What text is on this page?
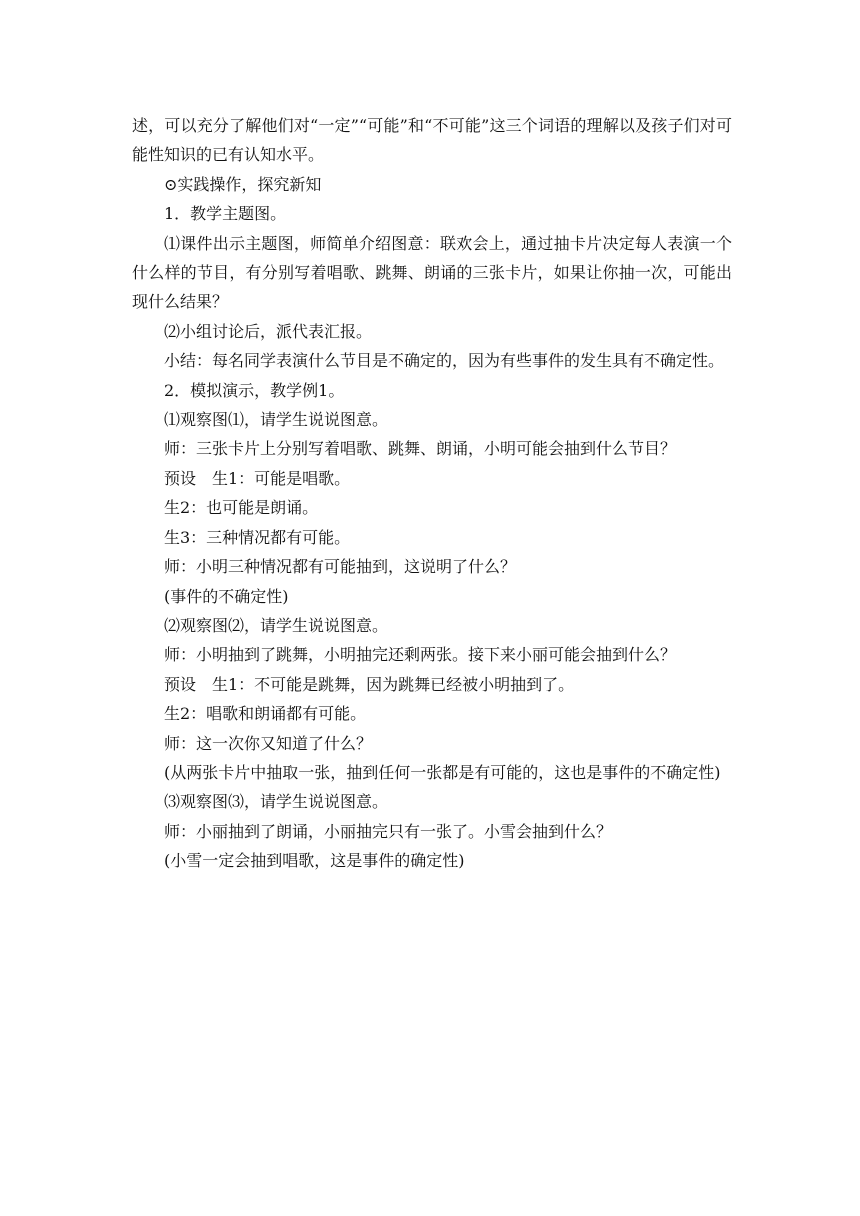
述，可以充分了解他们对“一定”“可能”和“不可能”这三个词语的理解以及孩子们对可能性知识的已有认知水平。

⊙实践操作，探究新知

1．教学主题图。

⑴课件出示主题图，师简单介绍图意：联欢会上，通过抽卡片决定每人表演一个什么样的节目，有分别写着唱歌、跳舞、朗诵的三张卡片，如果让你抽一次，可能出现什么结果？

⑵小组讨论后，派代表汇报。

小结：每名同学表演什么节目是不确定的，因为有些事件的发生具有不确定性。

2．模拟演示，教学例1。

⑴观察图⑴，请学生说说图意。

师：三张卡片上分别写着唱歌、跳舞、朗诵，小明可能会抽到什么节目？

预设　生1：可能是唱歌。

生2：也可能是朗诵。

生3：三种情况都有可能。

师：小明三种情况都有可能抽到，这说明了什么？

(事件的不确定性)

⑵观察图⑵，请学生说说图意。

师：小明抽到了跳舞，小明抽完还剩两张。接下来小丽可能会抽到什么？

预设　生1：不可能是跳舞，因为跳舞已经被小明抽到了。

生2：唱歌和朗诵都有可能。

师：这一次你又知道了什么？

(从两张卡片中抽取一张，抽到任何一张都是有可能的，这也是事件的不确定性)

⑶观察图⑶，请学生说说图意。

师：小丽抽到了朗诵，小丽抽完只有一张了。小雪会抽到什么？

(小雪一定会抽到唱歌，这是事件的确定性)
